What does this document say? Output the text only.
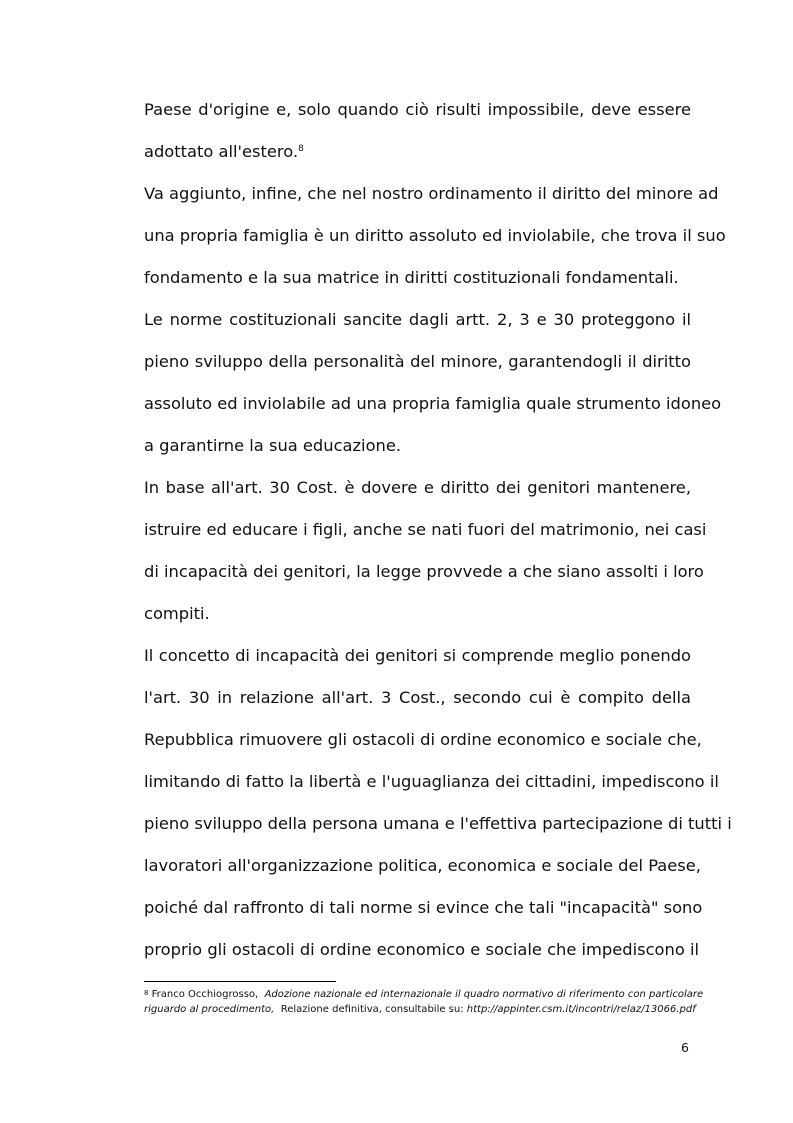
Paese d'origine e, solo quando ciò risulti impossibile, deve essere
adottato all'estero.$^8$
Va aggiunto, infine, che nel nostro ordinamento il diritto del minore ad
una propria famiglia è un diritto assoluto ed inviolabile, che trova il suo
fondamento e la sua matrice in diritti costituzionali fondamentali.
Le norme costituzionali sancite dagli artt. 2, 3 e 30 proteggono il
pieno sviluppo della personalità del minore, garantendogli il diritto
assoluto ed inviolabile ad una propria famiglia quale strumento idoneo
a garantirne la sua educazione.
In base all'art. 30 Cost. è dovere e diritto dei genitori mantenere,
istruire ed educare i figli, anche se nati fuori del matrimonio, nei casi
di incapacità dei genitori, la legge provvede a che siano assolti i loro
compiti.
Il concetto di incapacità dei genitori si comprende meglio ponendo
l'art. 30 in relazione all'art. 3 Cost., secondo cui è compito della
Repubblica rimuovere gli ostacoli di ordine economico e sociale che,
limitando di fatto la libertà e l'uguaglianza dei cittadini, impediscono il
pieno sviluppo della persona umana e l'effettiva partecipazione di tutti i
lavoratori all'organizzazione politica, economica e sociale del Paese,
poiché dal raffronto di tali norme si evince che tali "incapacità" sono
proprio gli ostacoli di ordine economico e sociale che impediscono il
$^8$ Franco Occhiogrosso, Adozione nazionale ed internazionale il quadro normativo di riferimento con particolare
riguardo al procedimento, Relazione definitiva, consultabile su: http://appinter.csm.it/incontri/relaz/13066.pdf
6
